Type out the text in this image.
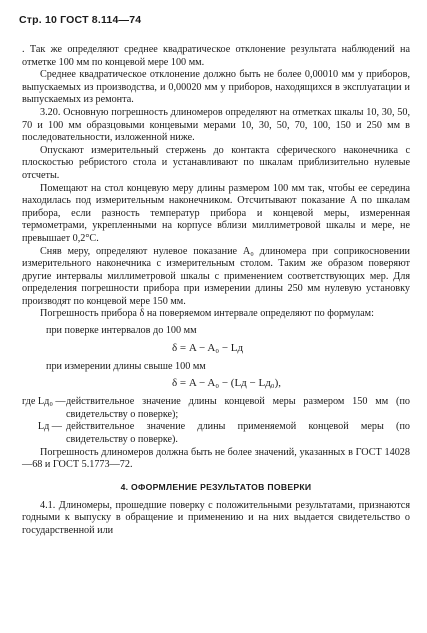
Стр. 10 ГОСТ 8.114—74

. Так же определяют среднее квадратическое отклонение результата наблюдений на отметке 100 мм по концевой мере 100 мм.

Среднее квадратическое отклонение должно быть не более 0,00010 мм у приборов, выпускаемых из производства, и 0,00020 мм у приборов, находящихся в эксплуатации и выпускаемых из ремонта.

3.20. Основную погрешность длиномеров определяют на отметках шкалы 10, 30, 50, 70 и 100 мм образцовыми концевыми мерами 10, 30, 50, 70, 100, 150 и 250 мм в последовательности, изложенной ниже.

Опускают измерительный стержень до контакта сферического наконечника с плоскостью ребристого стола и устанавливают по шкалам приблизительно нулевые отсчеты.

Помещают на стол концевую меру длины размером 100 мм так, чтобы ее середина находилась под измерительным наконечником. Отсчитывают показание A по шкалам прибора, если разность температур прибора и концевой меры, измеренная термометрами, укрепленными на корпусе вблизи миллиметровой шкалы и мере, не превышает 0,2°С.

Сняв меру, определяют нулевое показание A₀ длиномера при соприкосновении измерительного наконечника с измерительным столом. Таким же образом поверяют другие интервалы миллиметровой шкалы с применением соответствующих мер. Для определения погрешности прибора при измерении длины 250 мм нулевую установку производят по концевой мере 150 мм.

Погрешность прибора δ на поверяемом интервале определяют по формулам:

при поверке интервалов до 100 мм
δ = A − A₀ − Lд
при измерении длины свыше 100 мм
δ = A − A₀ − (Lд − Lд₀),
где Lд₀ — действительное значение длины концевой меры размером 150 мм (по свидетельству о поверке);
Lд — действительное значение длины применяемой концевой меры (по свидетельству о поверке).

Погрешность длиномеров должна быть не более значений, указанных в ГОСТ 14028—68 и ГОСТ 5.1773—72.

4. ОФОРМЛЕНИЕ РЕЗУЛЬТАТОВ ПОВЕРКИ

4.1. Длиномеры, прошедшие поверку с положительными результатами, признаются годными к выпуску в обращение и применению и на них выдается свидетельство о государственной или
